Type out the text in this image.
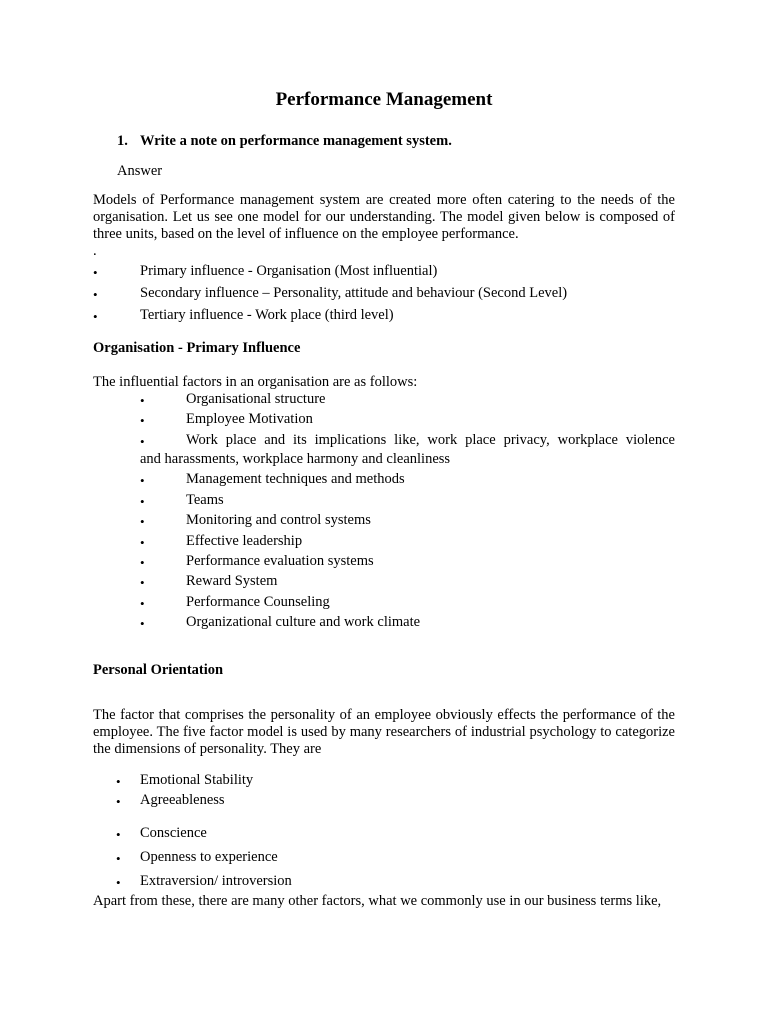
Performance Management
1. Write a note on performance management system.
Answer
Models of Performance management system are created more often catering to the needs of the organisation. Let us see one model for our understanding. The model given below is composed of three units, based on the level of influence on the employee performance.
.
•	Primary influence - Organisation (Most influential)
•	Secondary influence – Personality, attitude and behaviour (Second Level)
•	Tertiary influence - Work place (third level)
Organisation - Primary Influence
The influential factors in an organisation are as follows:
•	Organisational structure
•	Employee Motivation
•	Work place and its implications like, work place privacy, workplace violence
and harassments, workplace harmony and cleanliness
•	Management techniques and methods
•	Teams
•	Monitoring and control systems
•	Effective leadership
•	Performance evaluation systems
•	Reward System
•	Performance Counseling
•	Organizational culture and work climate
Personal Orientation
The factor that comprises the personality of an employee obviously effects the performance of the employee. The five factor model is used by many researchers of industrial psychology to categorize the dimensions of personality. They are
• Emotional Stability
• Agreeableness
• Conscience
• Openness to experience
• Extraversion/ introversion
Apart from these, there are many other factors, what we commonly use in our business terms like,
